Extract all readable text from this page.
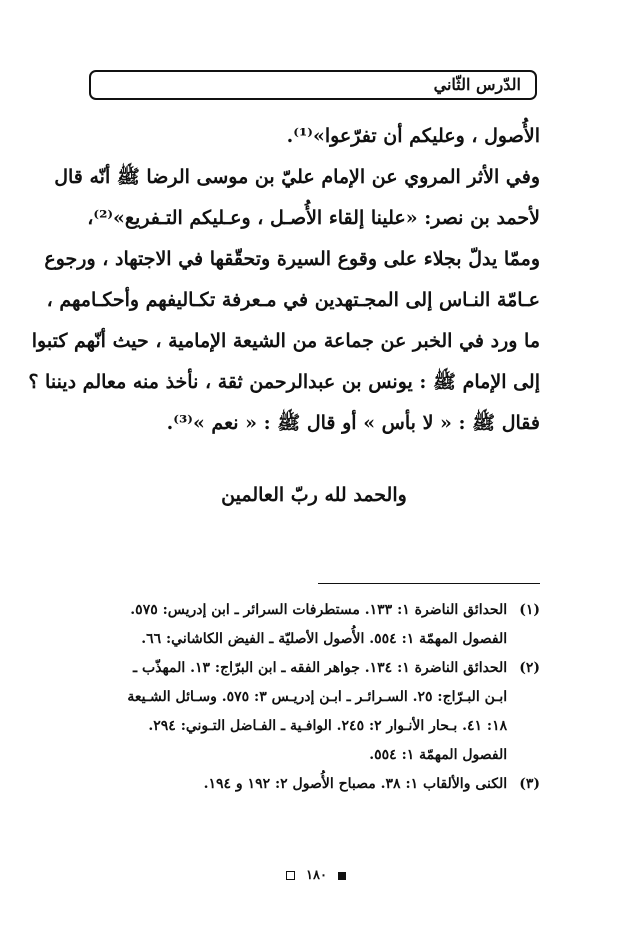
الدّرس الثّاني
الأُصول ، وعليكم أن تفرّعوا»⁽¹⁾.
وفي الأثر المروي عن الإمام عليّ بن موسى الرضا ﷺ أنّه قال
لأحمد بن نصر: «علينا إلقاء الأُصـل ، وعـليكم التـفريع»⁽²⁾،
وممّا يدلّ بجلاء على وقوع السيرة وتحقّقها في الاجتهاد ، ورجوع
عـامّة النـاس إلى المجـتهدين في مـعرفة تكـاليفهم وأحكـامهم ،
ما ورد في الخبر عن جماعة من الشيعة الإمامية ، حيث أنّهم كتبوا
إلى الإمام ﷺ : يونس بن عبدالرحمن ثقة ، نأخذ منه معالم ديننا ؟
فقال ﷺ : « لا بأس » أو قال ﷺ : « نعم »⁽³⁾.
والحمد لله ربّ العالمين
(١) الحدائق الناضرة ١: ١٣٣. مستطرفات السرائر ـ ابن إدريس: ٥٧٥.
الفصول المهمّة ١: ٥٥٤. الأُصول الأصليّة ـ الفيض الكاشاني: ٦٦.
(٢) الحدائق الناضرة ١: ١٣٤. جواهر الفقه ـ ابن البرّاج: ١٣. المهذّب ـ
ابـن البـرّاج: ٢٥. السـرائـر ـ ابـن إدريـس ٣: ٥٧٥. وسـائل الشـيعة
١٨: ٤١. بـحار الأنـوار ٢: ٢٤٥. الوافـية ـ الفـاضل التـوني: ٢٩٤.
الفصول المهمّة ١: ٥٥٤.
(٣) الكنى والألقاب ١: ٣٨. مصباح الأُصول ٢: ١٩٢ و ١٩٤.
١٨٠
